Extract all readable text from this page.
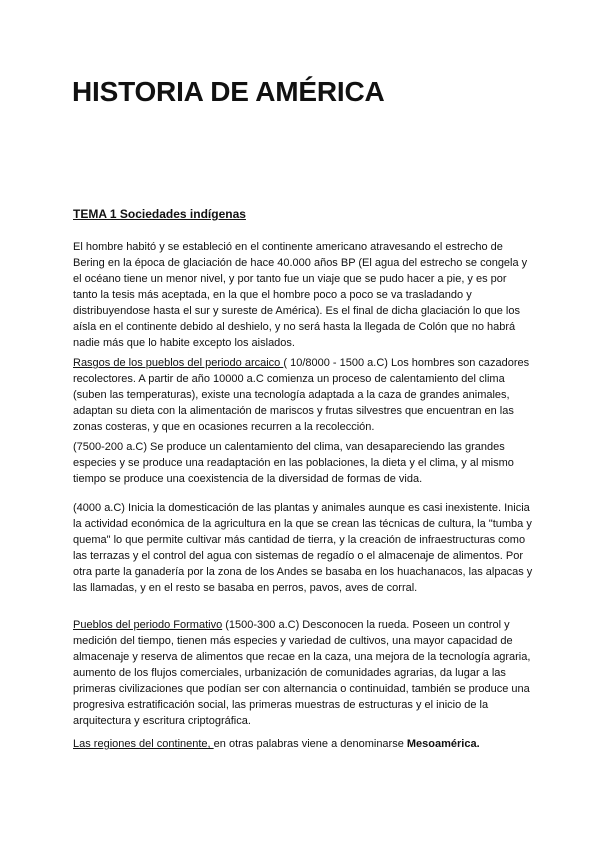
HISTORIA DE AMÉRICA
TEMA 1 Sociedades indígenas

El hombre habitó y se estableció en el continente americano atravesando el estrecho de Bering en la época de glaciación de hace 40.000 años BP (El agua del estrecho se congela y el océano tiene un menor nivel, y por tanto fue un viaje que se pudo hacer a pie, y es por tanto la tesis más aceptada, en la que el hombre poco a poco se va trasladando y distribuyendose hasta el sur y sureste de América). Es el final de dicha glaciación lo que los aísla en el continente debido al deshielo, y no será hasta la llegada de Colón que no habrá nadie más que lo habite excepto los aislados.

Rasgos de los pueblos del periodo arcaico ( 10/8000 - 1500 a.C) Los hombres son cazadores recolectores. A partir de año 10000 a.C comienza un proceso de calentamiento del clima (suben las temperaturas), existe una tecnología adaptada a la caza de grandes animales, adaptan su dieta con la alimentación de mariscos y frutas silvestres que encuentran en las zonas costeras, y que en ocasiones recurren a la recolección.

(7500-200 a.C) Se produce un calentamiento del clima, van desapareciendo las grandes especies y se produce una readaptación en las poblaciones, la dieta y el clima, y al mismo tiempo se produce una coexistencia de la diversidad de formas de vida.

(4000 a.C) Inicia la domesticación de las plantas y animales aunque es casi inexistente. Inicia la actividad económica de la agricultura en la que se crean las técnicas de cultura, la "tumba y quema" lo que permite cultivar más cantidad de tierra, y la creación de infraestructuras como las terrazas y el control del agua con sistemas de regadío o el almacenaje de alimentos. Por otra parte la ganadería por la zona de los Andes se basaba en los huachanacos, las alpacas y las llamadas, y en el resto se basaba en perros, pavos, aves de corral.

Pueblos del periodo Formativo (1500-300 a.C) Desconocen la rueda. Poseen un control y medición del tiempo, tienen más especies y variedad de cultivos, una mayor capacidad de almacenaje y reserva de alimentos que recae en la caza, una mejora de la tecnología agraria, aumento de los flujos comerciales, urbanización de comunidades agrarias, da lugar a las primeras civilizaciones que podían ser con alternancia o continuidad, también se produce una progresiva estratificación social, las primeras muestras de estructuras y el inicio de la arquitectura y escritura criptográfica.

Las regiones del continente, en otras palabras viene a denominarse Mesoamérica.
